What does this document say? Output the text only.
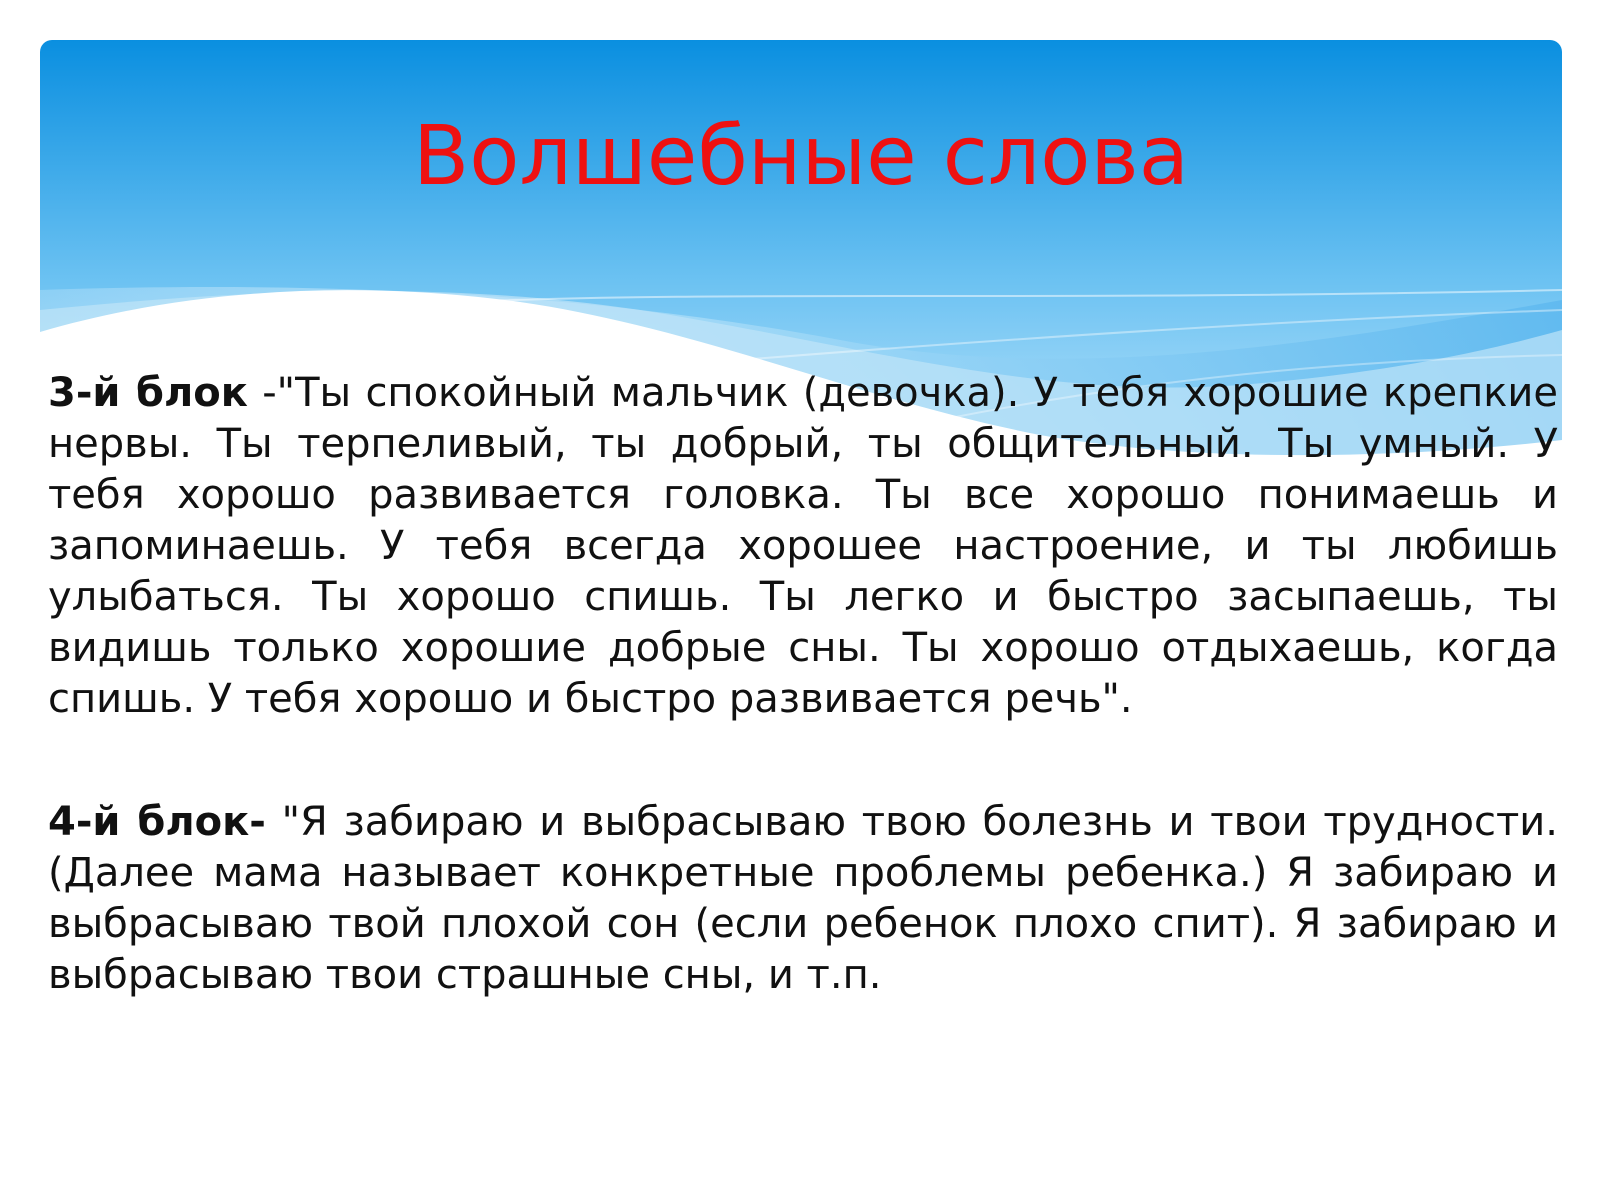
Волшебные слова

3-й блок -"Ты спокойный мальчик (девочка). У тебя хорошие крепкие нервы. Ты терпеливый, ты добрый, ты общительный. Ты умный. У тебя хорошо развивается головка. Ты все хорошо понимаешь и запоминаешь. У тебя всегда хорошее настроение, и ты любишь улыбаться. Ты хорошо спишь. Ты легко и быстро засыпаешь, ты видишь только хорошие добрые сны. Ты хорошо отдыхаешь, когда спишь. У тебя хорошо и быстро развивается речь".

4-й блок- "Я забираю и выбрасываю твою болезнь и твои трудности. (Далее мама называет конкретные проблемы ребенка.) Я забираю и выбрасываю твой плохой сон (если ребенок плохо спит). Я забираю и выбрасываю твои страшные сны, и т.п.
